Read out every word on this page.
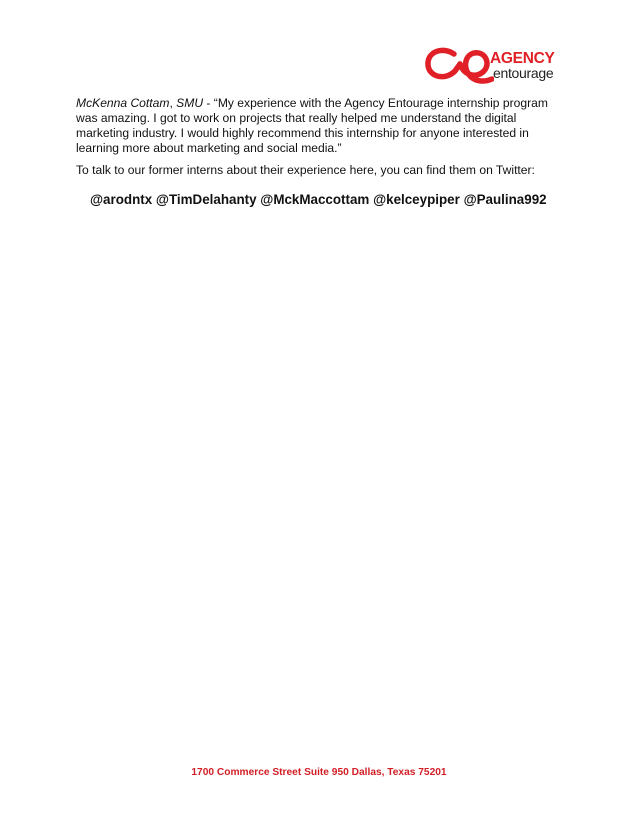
AGENCY
entourage

McKenna Cottam, SMU - “My experience with the Agency Entourage internship program was amazing. I got to work on projects that really helped me understand the digital marketing industry. I would highly recommend this internship for anyone interested in learning more about marketing and social media.”

To talk to our former interns about their experience here, you can find them on Twitter:

@arodntx @TimDelahanty @MckMaccottam @kelceypiper @Paulina992

1700 Commerce Street Suite 950 Dallas, Texas 75201
